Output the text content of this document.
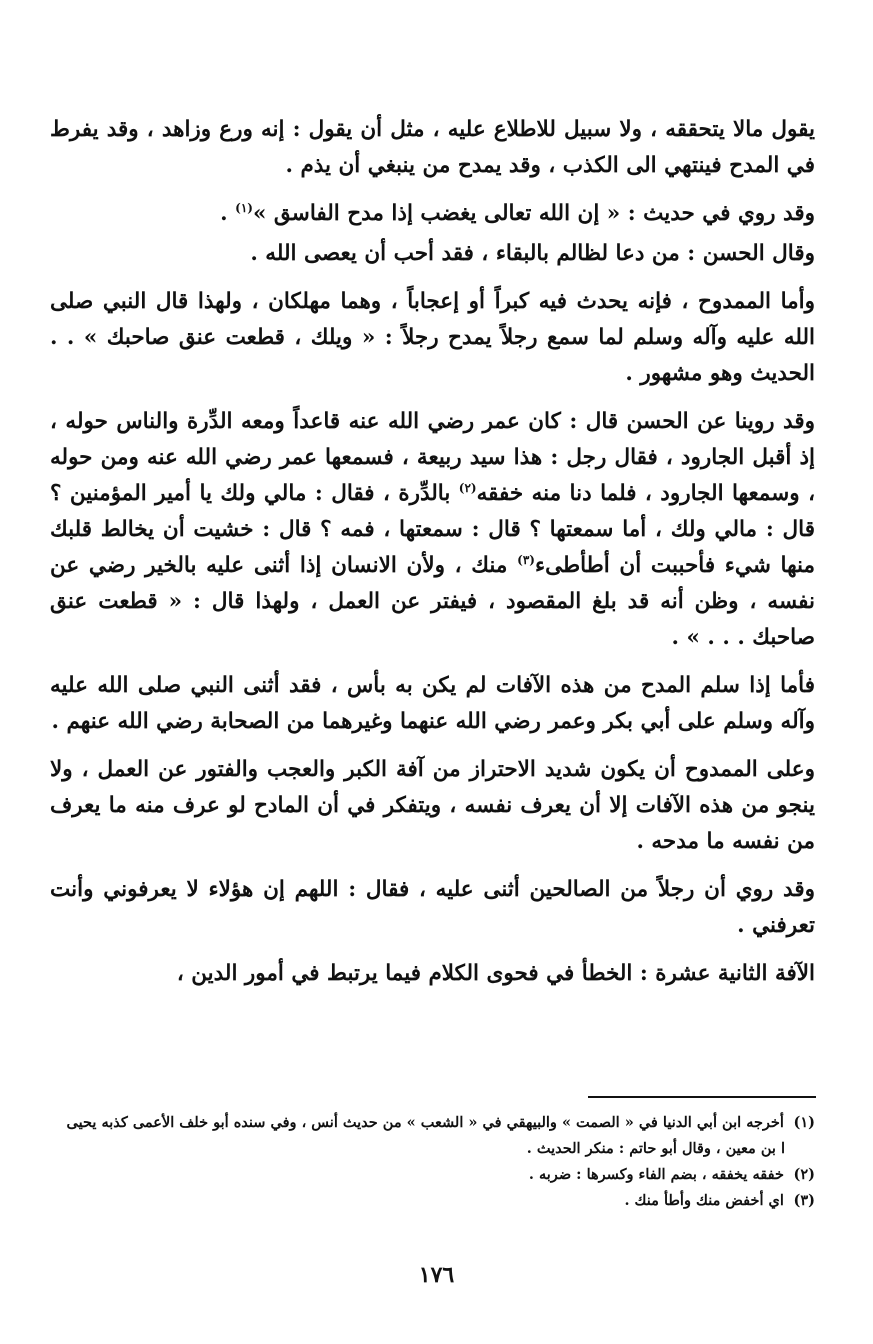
يقول مالا يتحققه ، ولا سبيل للاطلاع عليه ، مثل أن يقول : إنه ورع وزاهد ، وقد يفرط في المدح فينتهي الى الكذب ، وقد يمدح من ينبغي أن يذم .

وقد روي في حديث : « إن الله تعالى يغضب إذا مدح الفاسق »$^{(١)}$ .

وقال الحسن : من دعا لظالم بالبقاء ، فقد أحب أن يعصى الله .

وأما الممدوح ، فإنه يحدث فيه كبراً أو إعجاباً ، وهما مهلكان ، ولهذا قال النبي صلى الله عليه وآله وسلم لما سمع رجلاً يمدح رجلاً : « ويلك ، قطعت عنق صاحبك » . . الحديث وهو مشهور .

وقد روينا عن الحسن قال : كان عمر رضي الله عنه قاعداً ومعه الدِّرة والناس حوله ، إذ أقبل الجارود ، فقال رجل : هذا سيد ربيعة ، فسمعها عمر رضي الله عنه ومن حوله ، وسمعها الجارود ، فلما دنا منه خفقه$^{(٢)}$ بالدِّرة ، فقال : مالي ولك يا أمير المؤمنين ؟ قال : مالي ولك ، أما سمعتها ؟ قال : سمعتها ، فمه ؟ قال : خشيت أن يخالط قلبك منها شيء فأحببت أن أطأطىء$^{(٣)}$ منك ، ولأن الانسان إذا أثنى عليه بالخير رضي عن نفسه ، وظن أنه قد بلغ المقصود ، فيفتر عن العمل ، ولهذا قال : « قطعت عنق صاحبك . . . » .

فأما إذا سلم المدح من هذه الآفات لم يكن به بأس ، فقد أثنى النبي صلى الله عليه وآله وسلم على أبي بكر وعمر رضي الله عنهما وغيرهما من الصحابة رضي الله عنهم .

وعلى الممدوح أن يكون شديد الاحتراز من آفة الكبر والعجب والفتور عن العمل ، ولا ينجو من هذه الآفات إلا أن يعرف نفسه ، ويتفكر في أن المادح لو عرف منه ما يعرف من نفسه ما مدحه .

وقد روي أن رجلاً من الصالحين أثنى عليه ، فقال : اللهم إن هؤلاء لا يعرفوني وأنت تعرفني .

الآفة الثانية عشرة : الخطأ في فحوى الكلام فيما يرتبط في أمور الدين ،

(١) أخرجه ابن أبي الدنيا في « الصمت » والبيهقي في « الشعب » من حديث أنس ، وفي سنده أبو خلف الأعمى كذبه يحيى

ا بن معين ، وقال أبو حاتم : منكر الحديث .

(٢) خفقه يخفقه ، بضم الفاء وكسرها : ضربه .

(٣) اي أخفض منك وأطأ منك .

١٧٦
